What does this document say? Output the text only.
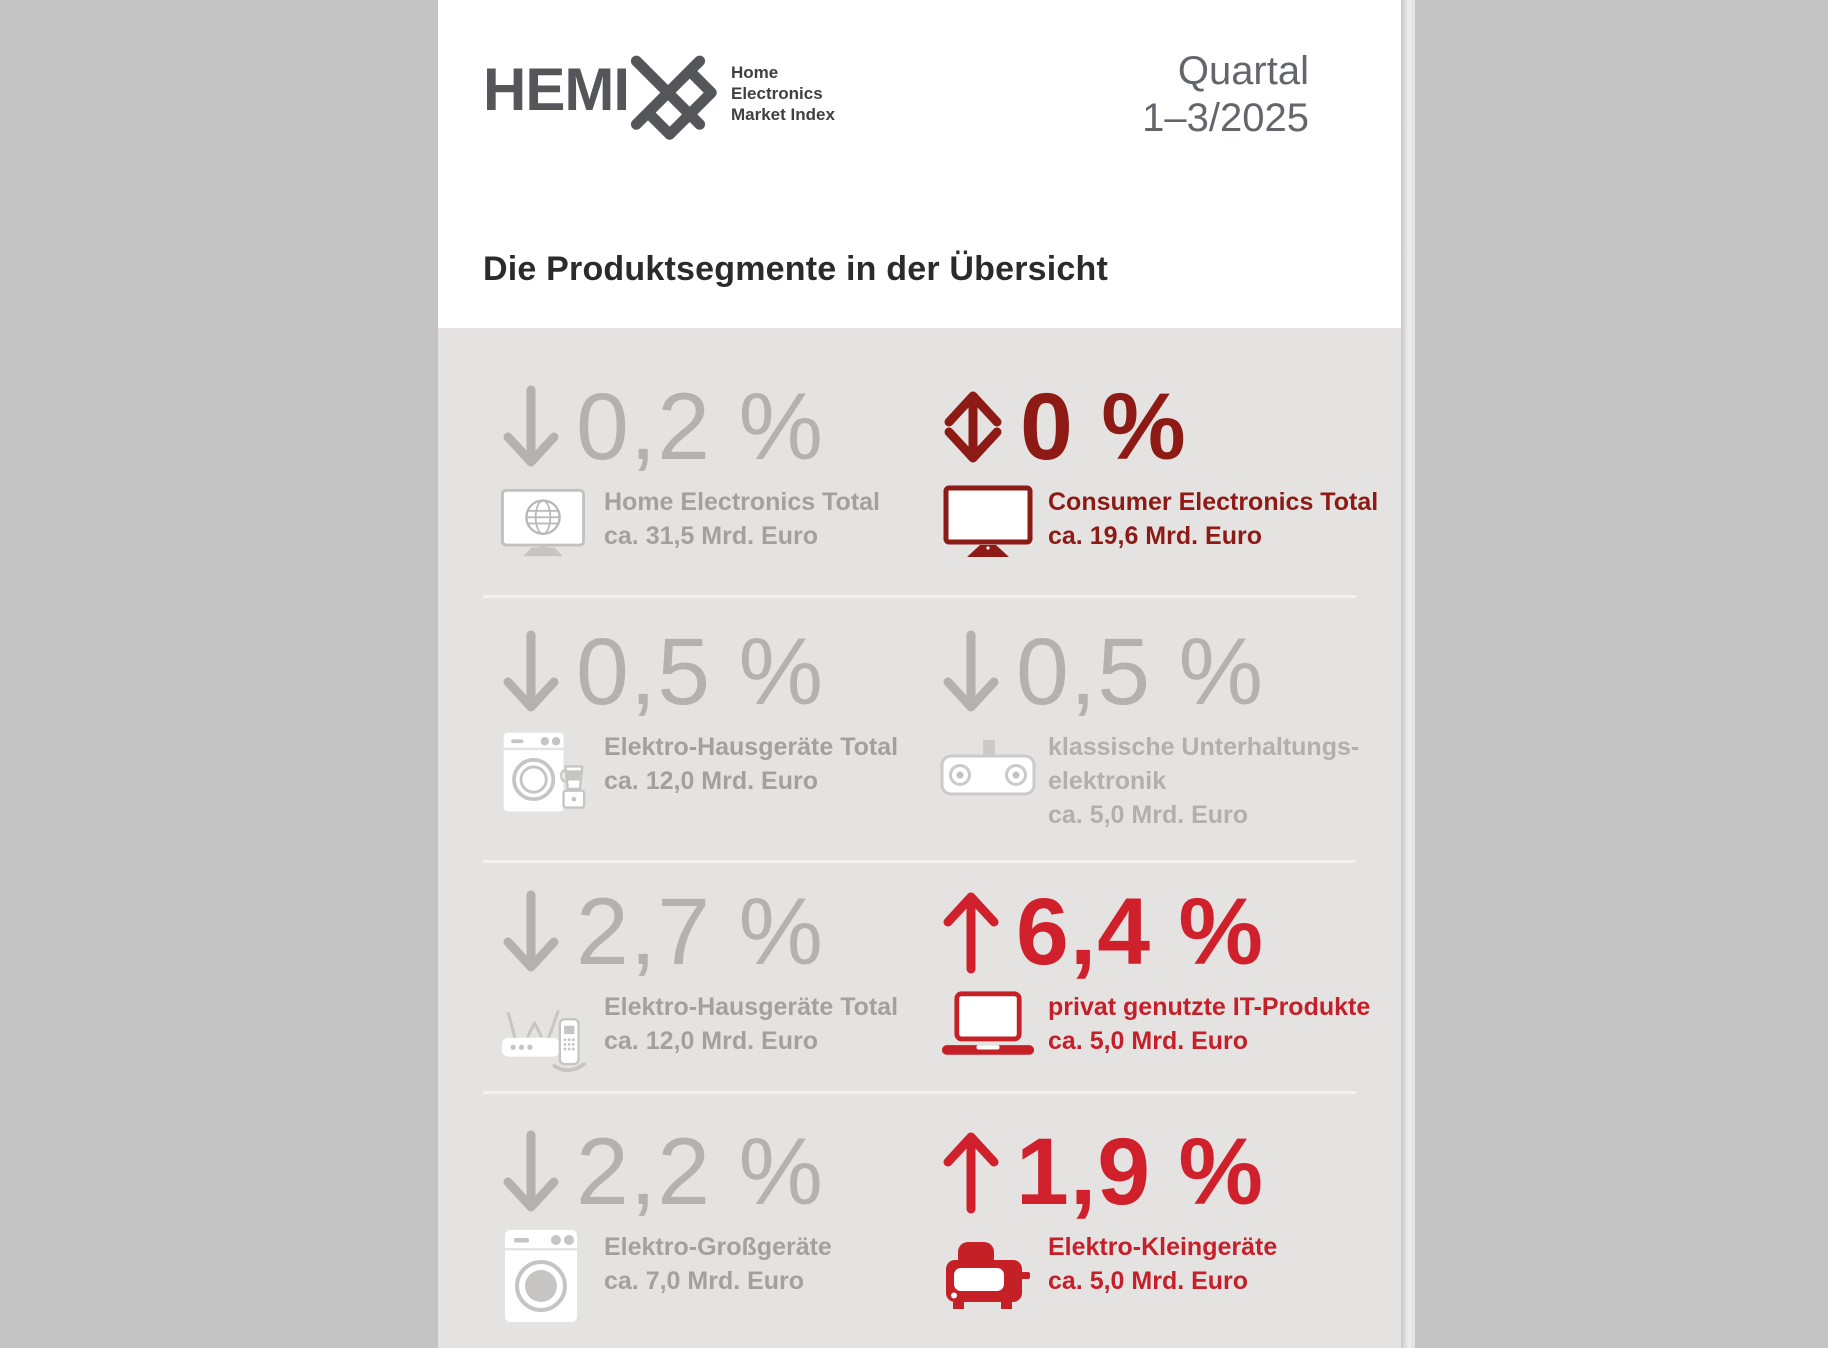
HEMI	Home
Electronics
Market Index
Quartal
1–3/2025
Die Produktsegmente in der Übersicht
0,2 %
Home Electronics Total
ca. 31,5 Mrd. Euro
0 %
Consumer Electronics Total
ca. 19,6 Mrd. Euro
0,5 %
Elektro-Hausgeräte Total
ca. 12,0 Mrd. Euro
0,5 %
klassische Unterhaltungs-
elektronik
ca. 5,0 Mrd. Euro
2,7 %
Elektro-Hausgeräte Total
ca. 12,0 Mrd. Euro
6,4 %
privat genutzte IT-Produkte
ca. 5,0 Mrd. Euro
2,2 %
Elektro-Großgeräte
ca. 7,0 Mrd. Euro
1,9 %
Elektro-Kleingeräte
ca. 5,0 Mrd. Euro
